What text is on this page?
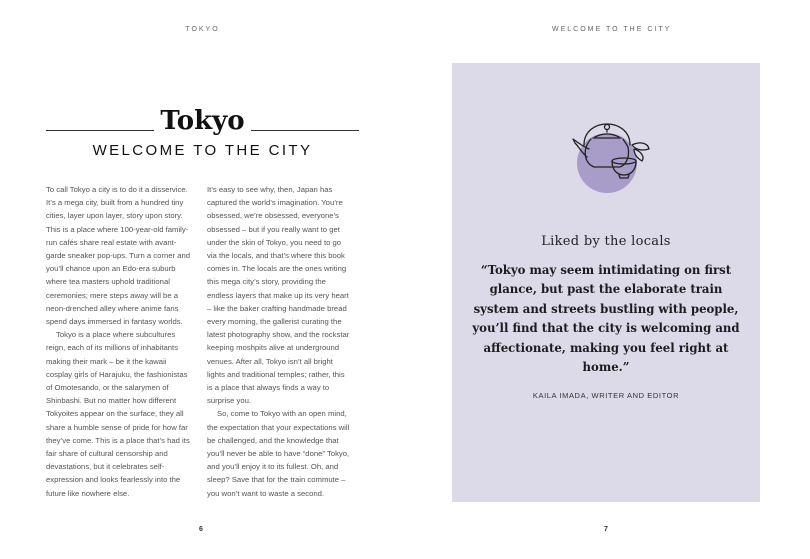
TOKYO
Tokyo
WELCOME TO THE CITY

To call Tokyo a city is to do it a disservice. It’s a mega city, built from a hundred tiny cities, layer upon layer, story upon story. This is a place where 100-year-old family-run cafés share real estate with avant-garde sneaker pop-ups. Turn a corner and you’ll chance upon an Edo-era suburb where tea masters uphold traditional ceremonies; mere steps away will be a neon-drenched alley where anime fans spend days immersed in fantasy worlds.

Tokyo is a place where subcultures reign, each of its millions of inhabitants making their mark – be it the kawaii cosplay girls of Harajuku, the fashionistas of Omotesando, or the salarymen of Shinbashi. But no matter how different Tokyoites appear on the surface, they all share a humble sense of pride for how far they’ve come. This is a place that’s had its fair share of cultural censorship and devastations, but it celebrates self-expression and looks fearlessly into the future like nowhere else.

It’s easy to see why, then, Japan has captured the world’s imagination. You’re obsessed, we’re obsessed, everyone’s obsessed – but if you really want to get under the skin of Tokyo, you need to go via the locals, and that’s where this book comes in. The locals are the ones writing this mega city’s story, providing the endless layers that make up its very heart – like the baker crafting handmade bread every morning, the gallerist curating the latest photography show, and the rockstar keeping moshpits alive at underground venues. After all, Tokyo isn’t all bright lights and traditional temples; rather, this is a place that always finds a way to surprise you.

So, come to Tokyo with an open mind, the expectation that your expectations will be challenged, and the knowledge that you’ll never be able to have “done” Tokyo, and you’ll enjoy it to its fullest. Oh, and sleep? Save that for the train commute – you won’t want to waste a second.

6
WELCOME TO THE CITY
Liked by the locals
“Tokyo may seem intimidating on first glance, but past the elaborate train system and streets bustling with people, you’ll find that the city is welcoming and affectionate, making you feel right at home.”
KAILA IMADA, WRITER AND EDITOR
7
